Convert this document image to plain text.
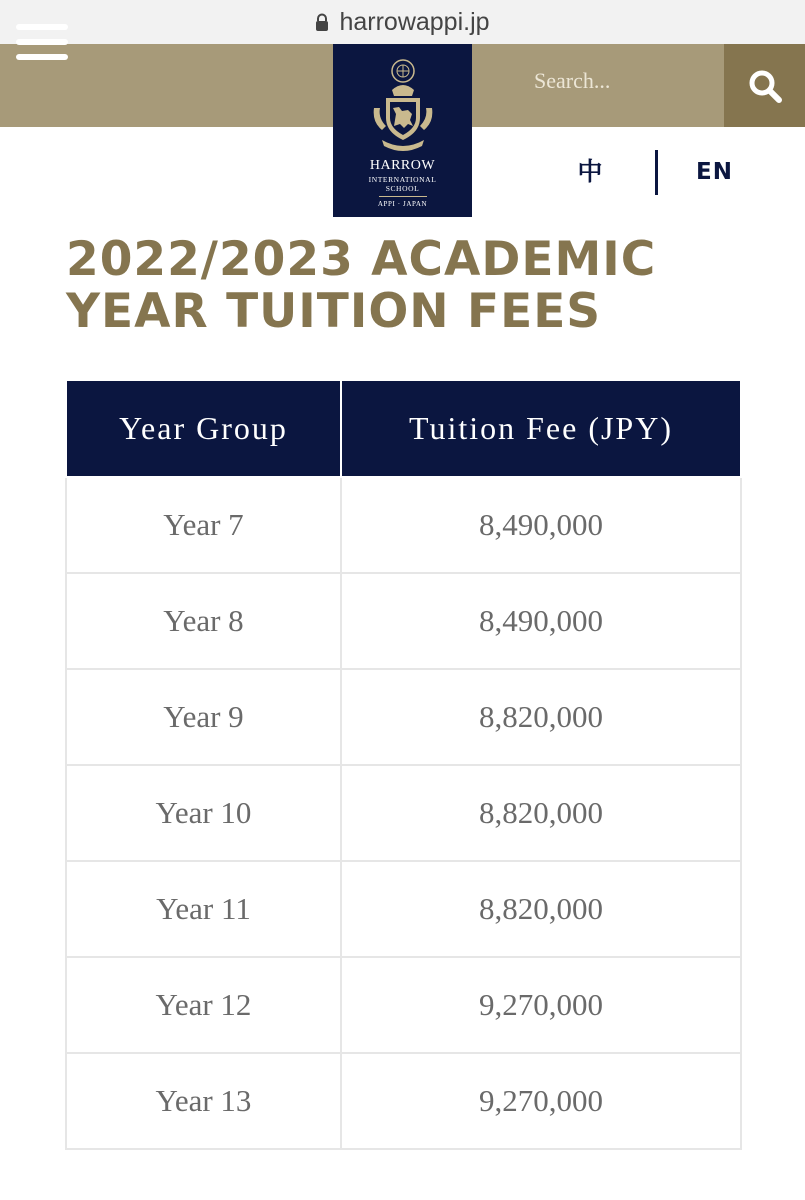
harrowappi.jp
Search...
HARROW
INTERNATIONAL
SCHOOL
APPI · JAPAN
中	EN
2022/2023 ACADEMIC
YEAR TUITION FEES
Year Group	Tuition Fee (JPY)
Year 7	8,490,000
Year 8	8,490,000
Year 9	8,820,000
Year 10	8,820,000
Year 11	8,820,000
Year 12	9,270,000
Year 13	9,270,000
